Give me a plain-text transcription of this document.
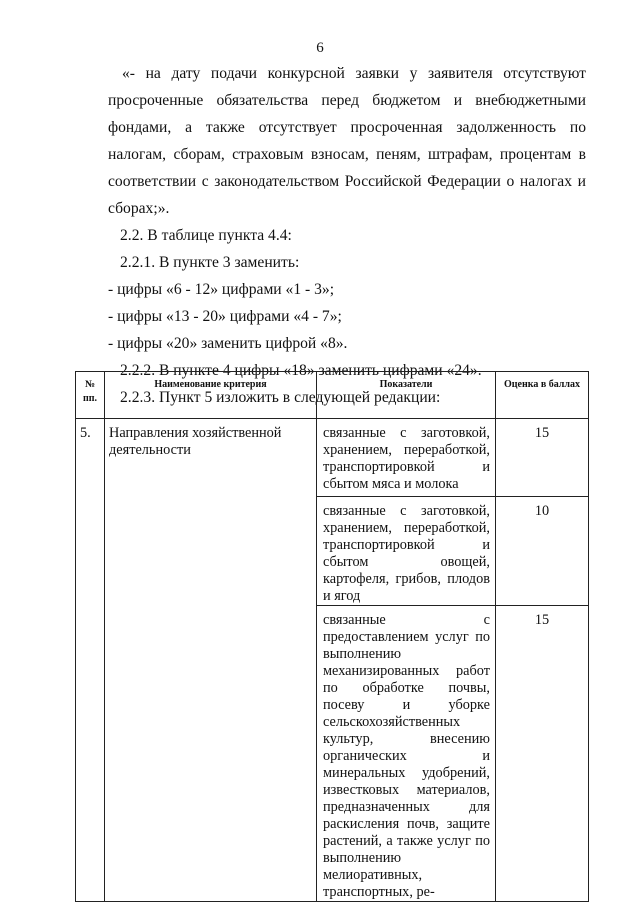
6

«- на дату подачи конкурсной заявки у заявителя отсутствуют просроченные обязательства перед бюджетом и внебюджетными фондами, а также отсутствует просроченная задолженность по налогам, сборам, страховым взносам, пеням, штрафам, процентам в соответствии с законодательством Российской Федерации о налогах и сборах;».

2.2. В таблице пункта 4.4:

2.2.1. В пункте 3 заменить:

- цифры «6 - 12» цифрами «1 - 3»;

- цифры «13 - 20» цифрами «4 - 7»;

- цифры «20» заменить цифрой «8».

2.2.2. В пункте 4 цифры «18» заменить цифрами «24».

2.2.3. Пункт 5 изложить в следующей редакции:

№ пп.	Наименование критерия	Показатели	Оценка в баллах
5.	Направления хозяйственной деятельности	связанные с заготовкой, хранением, переработкой, транспортировкой и сбытом мяса и молока	15
		связанные с заготовкой, хранением, переработкой, транспортировкой и сбытом овощей, картофеля, грибов, плодов и ягод	10
		связанные с предоставлением услуг по выполнению механизированных работ по обработке почвы, посеву и уборке сельскохозяйственных культур, внесению органических и минеральных удобрений, известковых материалов, предназначенных для раскисления почв, защите растений, а также услуг по выполнению мелиоративных, транспортных, ре-	15
